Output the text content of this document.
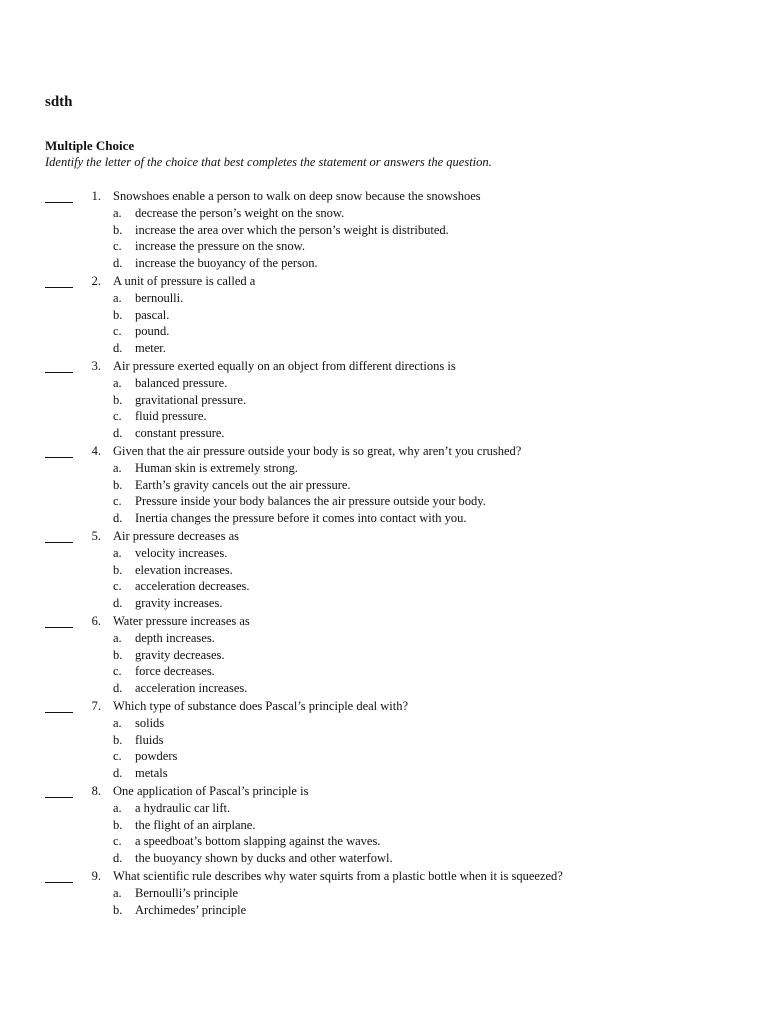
sdth
Multiple Choice
Identify the letter of the choice that best completes the statement or answers the question.
1. Snowshoes enable a person to walk on deep snow because the snowshoes
a. decrease the person’s weight on the snow.
b. increase the area over which the person’s weight is distributed.
c. increase the pressure on the snow.
d. increase the buoyancy of the person.
2. A unit of pressure is called a
a. bernoulli.
b. pascal.
c. pound.
d. meter.
3. Air pressure exerted equally on an object from different directions is
a. balanced pressure.
b. gravitational pressure.
c. fluid pressure.
d. constant pressure.
4. Given that the air pressure outside your body is so great, why aren’t you crushed?
a. Human skin is extremely strong.
b. Earth’s gravity cancels out the air pressure.
c. Pressure inside your body balances the air pressure outside your body.
d. Inertia changes the pressure before it comes into contact with you.
5. Air pressure decreases as
a. velocity increases.
b. elevation increases.
c. acceleration decreases.
d. gravity increases.
6. Water pressure increases as
a. depth increases.
b. gravity decreases.
c. force decreases.
d. acceleration increases.
7. Which type of substance does Pascal’s principle deal with?
a. solids
b. fluids
c. powders
d. metals
8. One application of Pascal’s principle is
a. a hydraulic car lift.
b. the flight of an airplane.
c. a speedboat’s bottom slapping against the waves.
d. the buoyancy shown by ducks and other waterfowl.
9. What scientific rule describes why water squirts from a plastic bottle when it is squeezed?
a. Bernoulli’s principle
b. Archimedes’ principle
